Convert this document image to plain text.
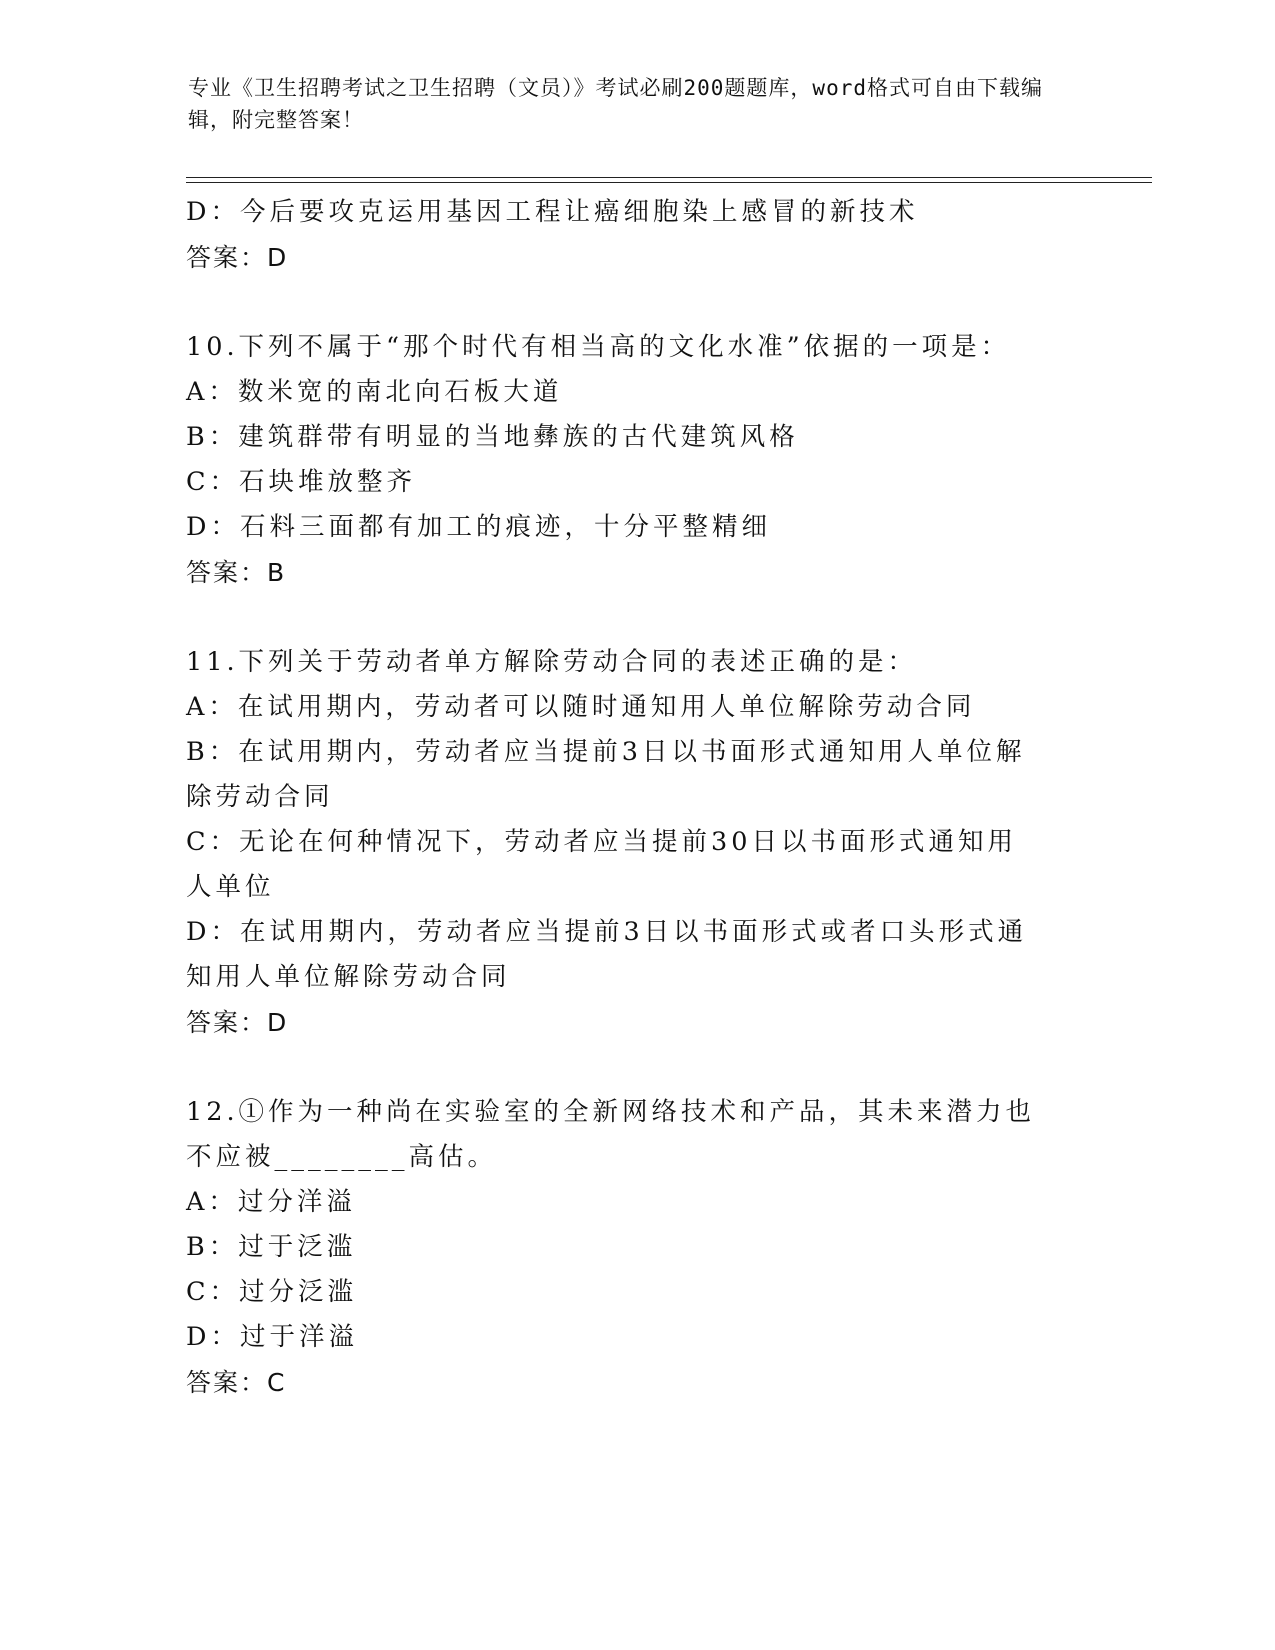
专业《卫生招聘考试之卫生招聘（文员）》考试必刷200题题库，word格式可自由下载编辑，附完整答案！
D：今后要攻克运用基因工程让癌细胞染上感冒的新技术
答案：D
10.下列不属于“那个时代有相当高的文化水准”依据的一项是：
A：数米宽的南北向石板大道
B：建筑群带有明显的当地彝族的古代建筑风格
C：石块堆放整齐
D：石料三面都有加工的痕迹，十分平整精细
答案：B
11.下列关于劳动者单方解除劳动合同的表述正确的是：
A：在试用期内，劳动者可以随时通知用人单位解除劳动合同
B：在试用期内，劳动者应当提前3日以书面形式通知用人单位解除劳动合同
C：无论在何种情况下，劳动者应当提前30日以书面形式通知用人单位
D：在试用期内，劳动者应当提前3日以书面形式或者口头形式通知用人单位解除劳动合同
答案：D
12.①作为一种尚在实验室的全新网络技术和产品，其未来潜力也不应被________高估。
A：过分洋溢
B：过于泛滥
C：过分泛滥
D：过于洋溢
答案：C
